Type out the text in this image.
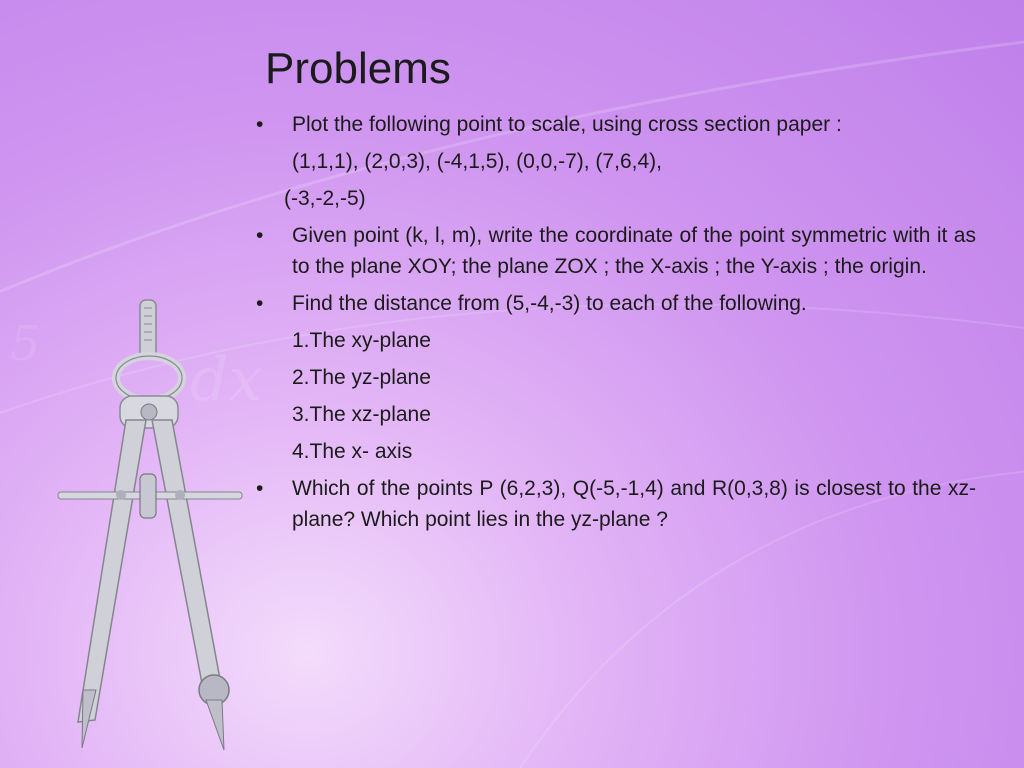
dx
5
Problems
• Plot the following point to scale, using cross section paper :
(1,1,1), (2,0,3), (-4,1,5), (0,0,-7), (7,6,4),
(-3,-2,-5)
• Given point (k, l, m), write the coordinate of the point symmetric with it as to the plane XOY; the plane ZOX ; the X-axis ; the Y-axis ; the origin.
• Find the distance from (5,-4,-3) to each of the following.
1.The xy-plane
2.The yz-plane
3.The xz-plane
4.The x- axis
• Which of the points P (6,2,3), Q(-5,-1,4) and R(0,3,8) is closest to the xz- plane? Which point lies in the yz-plane ?
